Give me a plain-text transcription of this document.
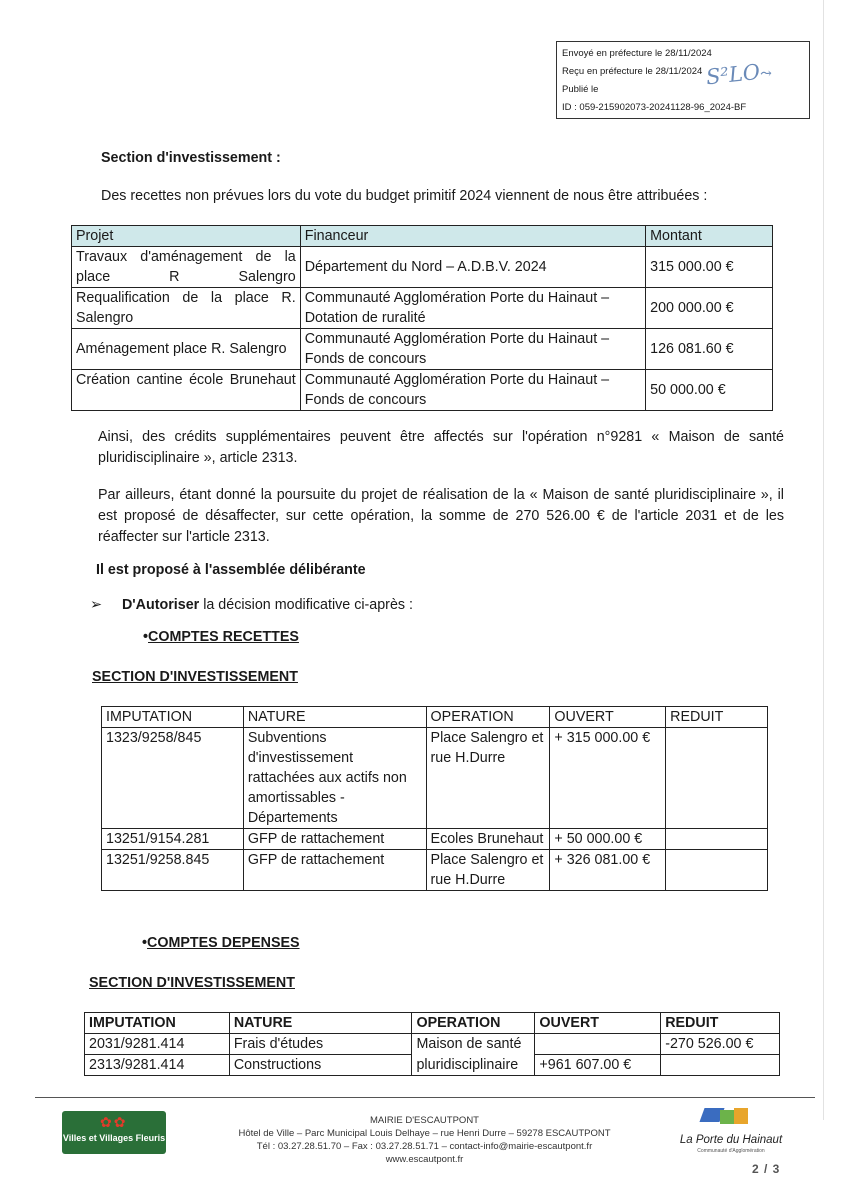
Envoyé en préfecture le 28/11/2024
Reçu en préfecture le 28/11/2024
Publié le
ID : 059-215902073-20241128-96_2024-BF
S²LO⤳
Section d'investissement :
Des recettes non prévues lors du vote du budget primitif 2024 viennent de nous être attribuées :
Projet	Financeur	Montant
Travaux d'aménagement de la place R Salengro	Département du Nord – A.D.B.V. 2024	315 000.00 €
Requalification de la place R. Salengro	Communauté Agglomération Porte du Hainaut – Dotation de ruralité	200 000.00 €
Aménagement place R. Salengro	Communauté Agglomération Porte du Hainaut – Fonds de concours	126 081.60 €
Création cantine école Brunehaut	Communauté Agglomération Porte du Hainaut – Fonds de concours	50 000.00 €
Ainsi, des crédits supplémentaires peuvent être affectés sur l'opération n°9281 « Maison de santé pluridisciplinaire », article 2313.
Par ailleurs, étant donné la poursuite du projet de réalisation de la « Maison de santé pluridisciplinaire », il est proposé de désaffecter, sur cette opération, la somme de 270 526.00 € de l'article 2031 et de les réaffecter sur l'article 2313.
Il est proposé à l'assemblée délibérante
➢ D'Autoriser la décision modificative ci-après :
•COMPTES RECETTES
SECTION D'INVESTISSEMENT
IMPUTATION	NATURE	OPERATION	OUVERT	REDUIT
1323/9258/845	Subventions d'investissement rattachées aux actifs non amortissables - Départements	Place Salengro et rue H.Durre	+ 315 000.00 €	
13251/9154.281	GFP de rattachement	Ecoles Brunehaut	+ 50 000.00 €	
13251/9258.845	GFP de rattachement	Place Salengro et rue H.Durre	+ 326 081.00 €	
•COMPTES DEPENSES
SECTION D'INVESTISSEMENT
IMPUTATION	NATURE	OPERATION	OUVERT	REDUIT
2031/9281.414	Frais d'études	Maison de santé		-270 526.00 €
2313/9281.414	Constructions	pluridisciplinaire	+961 607.00 €	
✿✿
Villes et Villages Fleuris
MAIRIE D'ESCAUTPONT
Hôtel de Ville – Parc Municipal Louis Delhaye – rue Henri Durre – 59278 ESCAUTPONT
Tél : 03.27.28.51.70 – Fax : 03.27.28.51.71 – contact-info@mairie-escautpont.fr
www.escautpont.fr
La Porte du Hainaut
Communauté d'Agglomération
2 / 3
